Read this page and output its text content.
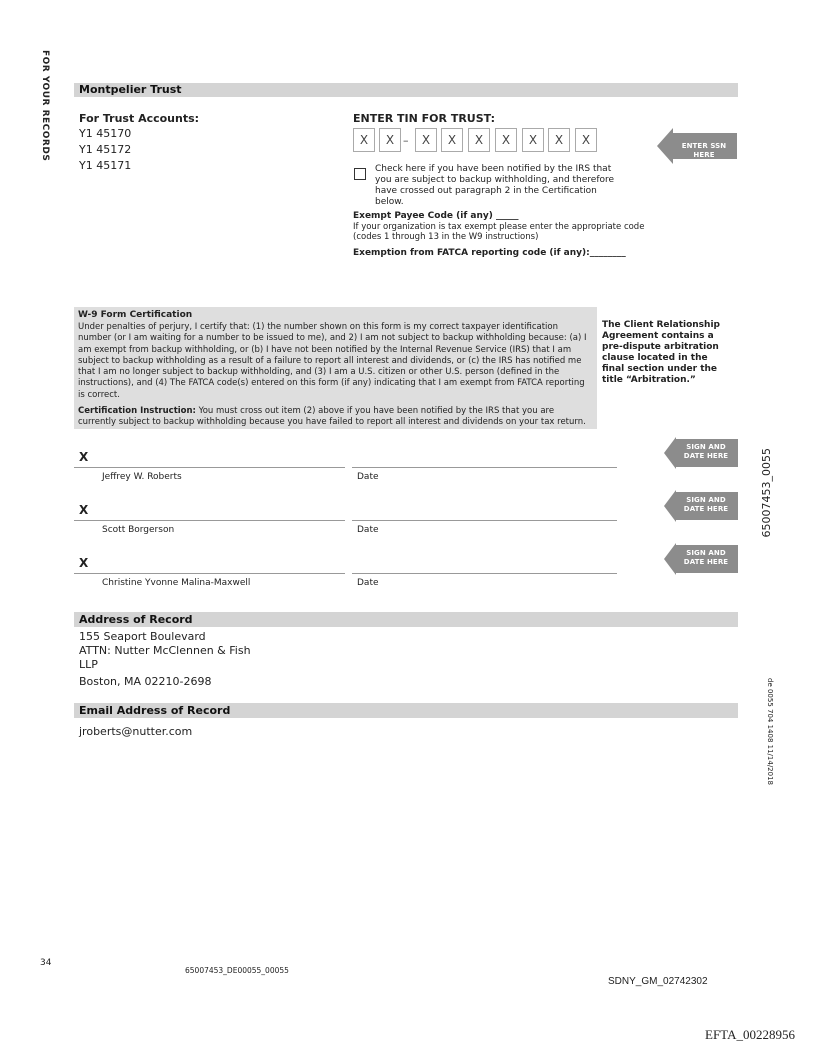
FOR YOUR RECORDS	Montpelier Trust
For Trust Accounts:
Y1 45170
Y1 45172
Y1 45171
ENTER TIN FOR TRUST:
X	X –	X	X	X	X	X	X	X	ENTER SSN HERE
Check here if you have been notified by the IRS that you are subject to backup withholding, and therefore have crossed out paragraph 2 in the Certification below.
Exempt Payee Code (if any) _____
If your organization is tax exempt please enter the appropriate code (codes 1 through 13 in the W9 instructions)
Exemption from FATCA reporting code (if any):________
W-9 Form Certification
Under penalties of perjury, I certify that: (1) the number shown on this form is my correct taxpayer identification number (or I am waiting for a number to be issued to me), and 2) I am not subject to backup withholding because: (a) I am exempt from backup withholding, or (b) I have not been notified by the Internal Revenue Service (IRS) that I am subject to backup withholding as a result of a failure to report all interest and dividends, or (c) the IRS has notified me that I am no longer subject to backup withholding, and (3) I am a U.S. citizen or other U.S. person (defined in the instructions), and (4) The FATCA code(s) entered on this form (if any) indicating that I am exempt from FATCA reporting is correct.
Certification Instruction: You must cross out item (2) above if you have been notified by the IRS that you are currently subject to backup withholding because you have failed to report all interest and dividends on your tax return.
The Client Relationship Agreement contains a pre-dispute arbitration clause located in the final section under the title “Arbitration.”
X
Jeffrey W. Roberts	Date
SIGN AND
DATE HERE
X
Scott Borgerson	Date
SIGN AND
DATE HERE
X
Christine Yvonne Malina-Maxwell	Date
SIGN AND
DATE HERE
Address of Record
155 Seaport Boulevard
ATTN: Nutter McClennen & Fish
LLP
Boston, MA 02210-2698
Email Address of Record
jroberts@nutter.com
65007453_0055
de 0055 704 1408 11/14/2018
34
65007453_DE00055_00055
SDNY_GM_02742302
EFTA_00228956
